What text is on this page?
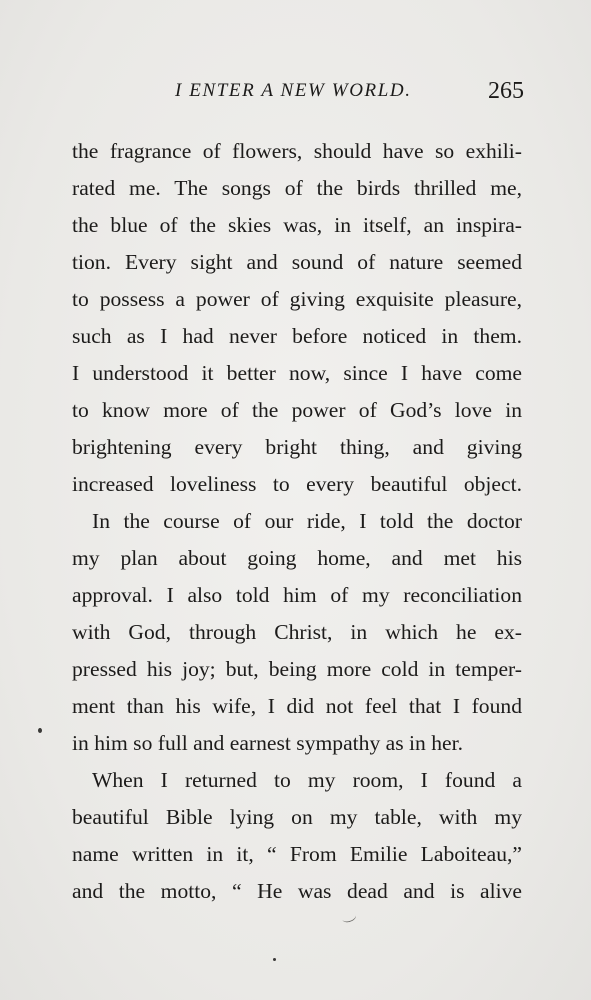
I ENTER A NEW WORLD.	265
the fragrance of flowers, should have so exhili-
rated me. The songs of the birds thrilled me,
the blue of the skies was, in itself, an inspira-
tion. Every sight and sound of nature seemed
to possess a power of giving exquisite pleasure,
such as I had never before noticed in them.
I understood it better now, since I have come
to know more of the power of God’s love in
brightening every bright thing, and giving
increased loveliness to every beautiful object.
In the course of our ride, I told the doctor
my plan about going home, and met his
approval. I also told him of my reconciliation
with God, through Christ, in which he ex-
pressed his joy; but, being more cold in temper-
ment than his wife, I did not feel that I found
in him so full and earnest sympathy as in her.
When I returned to my room, I found a
beautiful Bible lying on my table, with my
name written in it, “ From Emilie Laboiteau,”
and the motto, “ He was dead and is alive
